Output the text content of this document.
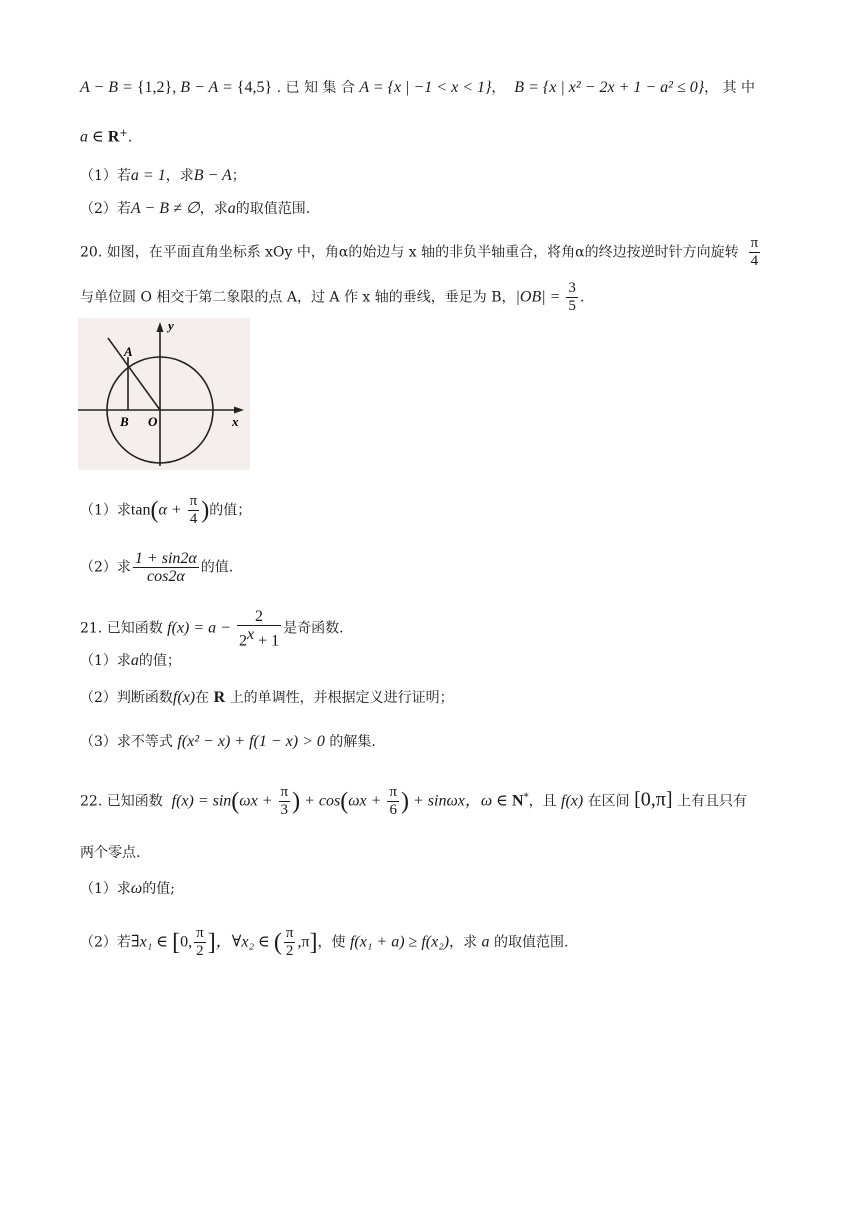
A − B = {1,2}, B − A = {4,5} . 已 知 集 合 A = {x | −1 < x < 1}， B = {x | x² − 2x + 1 − a² ≤ 0}， 其 中
a ∈ R+.
（1）若a = 1，求B − A；
（2）若A − B ≠ ∅，求a的取值范围.
20. 如图，在平面直角坐标系 xOy 中，角α的始边与 x 轴的非负半轴重合，将角α的终边按逆时针方向旋转 $\frac{\pi}{4}$
与单位圆 O 相交于第二象限的点 A，过 A 作 x 轴的垂线，垂足为 B，$|OB| = \frac{3}{5}$ .
y
x
A
B O
（1）求$\tan(\alpha + \frac{\pi}{4}$ )的值；
（2）求 $\frac{1 + \sin 2\alpha}{\cos 2\alpha}$ 的值.
21. 已知函数 $f(x) = a - \frac{2}{2^x + 1}$ 是奇函数.
（1）求a的值；
（2）判断函数f(x)在 R 上的单调性，并根据定义进行证明；
（3）求不等式 f(x² − x) + f(1 − x) > 0 的解集.
22. 已知函数 $f(x) = \sin(\omega x + \frac{\pi}{3}$ ) + $\cos(\omega x + \frac{\pi}{6}$ ) + sinωx，ω ∈ N*，且 f(x) 在区间 [0,π] 上有且只有
两个零点.
（1）求ω的值;
（2）若∃x₁ ∈ [0, $\frac{\pi}{2}$ ]，∀x₂ ∈ ( $\frac{\pi}{2} ,\pi$]，使 f(x₁ + a) ≥ f(x₂)，求 a 的取值范围.
